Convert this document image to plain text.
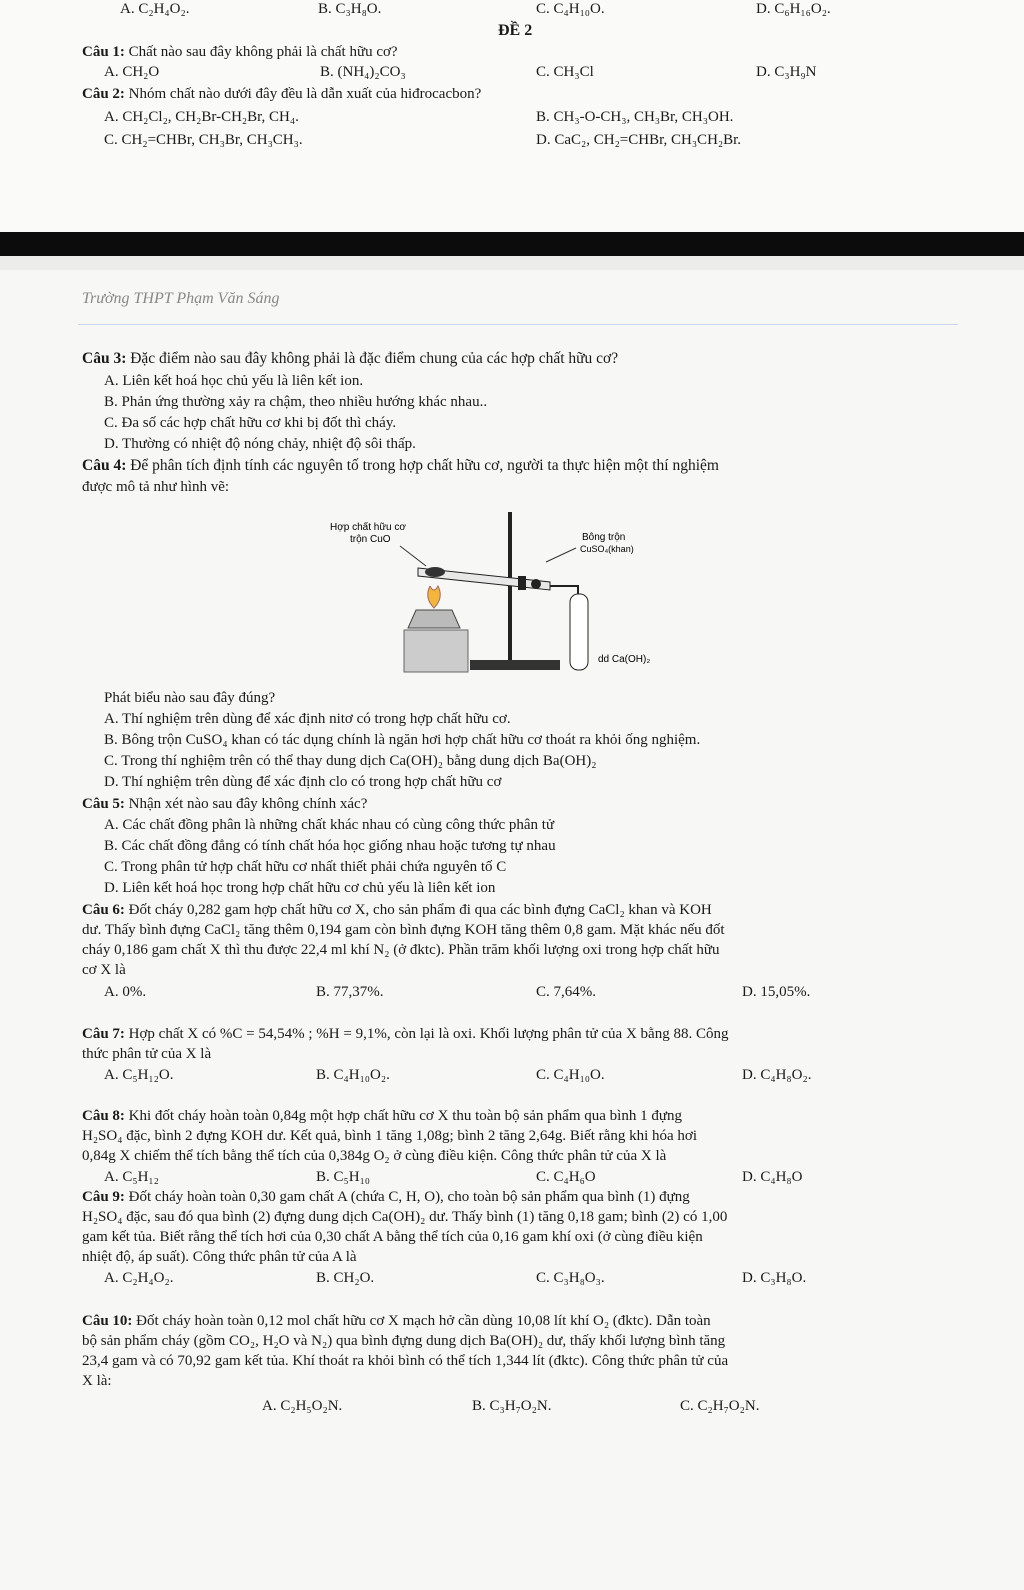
A. C₂H₄O₂.	B. C₃H₈O.	C. C₄H₁₀O.	D. C₆H₁₆O₂.
ĐỀ 2
Câu 1: Chất nào sau đây không phải là chất hữu cơ?
A. CH₂O	B. (NH₄)₂CO₃	C. CH₃Cl	D. C₃H₉N
Câu 2: Nhóm chất nào dưới đây đều là dẫn xuất của hiđrocacbon?
A. CH₂Cl₂, CH₂Br-CH₂Br, CH₄.	B. CH₃-O-CH₃, CH₃Br, CH₃OH.
C. CH₂=CHBr, CH₃Br, CH₃CH₃.	D. CaC₂, CH₂=CHBr, CH₃CH₂Br.
Trường THPT Phạm Văn Sáng
Câu 3: Đặc điểm nào sau đây không phải là đặc điểm chung của các hợp chất hữu cơ?
A. Liên kết hoá học chủ yếu là liên kết ion.
B. Phản ứng thường xảy ra chậm, theo nhiều hướng khác nhau..
C. Đa số các hợp chất hữu cơ khi bị đốt thì cháy.
D. Thường có nhiệt độ nóng chảy, nhiệt độ sôi thấp.
Câu 4: Để phân tích định tính các nguyên tố trong hợp chất hữu cơ, người ta thực hiện một thí nghiệm
được mô tả như hình vẽ:
Hợp chất hữu cơ
trộn CuO	Bông trộn
CuSO₄(khan)
dd Ca(OH)₂
Phát biểu nào sau đây đúng?
A. Thí nghiệm trên dùng để xác định nitơ có trong hợp chất hữu cơ.
B. Bông trộn CuSO₄ khan có tác dụng chính là ngăn hơi hợp chất hữu cơ thoát ra khỏi ống nghiệm.
C. Trong thí nghiệm trên có thể thay dung dịch Ca(OH)₂ bằng dung dịch Ba(OH)₂
D. Thí nghiệm trên dùng để xác định clo có trong hợp chất hữu cơ
Câu 5: Nhận xét nào sau đây không chính xác?
A. Các chất đồng phân là những chất khác nhau có cùng công thức phân tử
B. Các chất đồng đẳng có tính chất hóa học giống nhau hoặc tương tự nhau
C. Trong phân tử hợp chất hữu cơ nhất thiết phải chứa nguyên tố C
D. Liên kết hoá học trong hợp chất hữu cơ chủ yếu là liên kết ion
Câu 6: Đốt cháy 0,282 gam hợp chất hữu cơ X, cho sản phẩm đi qua các bình đựng CaCl₂ khan và KOH
dư. Thấy bình đựng CaCl₂ tăng thêm 0,194 gam còn bình đựng KOH tăng thêm 0,8 gam. Mặt khác nếu đốt
cháy 0,186 gam chất X thì thu được 22,4 ml khí N₂ (ở đktc). Phần trăm khối lượng oxi trong hợp chất hữu
cơ X là
A. 0%.	B. 77,37%.	C. 7,64%.	D. 15,05%.
Câu 7: Hợp chất X có %C = 54,54% ; %H = 9,1%, còn lại là oxi. Khối lượng phân tử của X bằng 88. Công
thức phân tử của X là
A. C₅H₁₂O.	B. C₄H₁₀O₂.	C. C₄H₁₀O.	D. C₄H₈O₂.
Câu 8: Khi đốt cháy hoàn toàn 0,84g một hợp chất hữu cơ X thu toàn bộ sản phẩm qua bình 1 đựng
H₂SO₄ đặc, bình 2 đựng KOH dư. Kết quả, bình 1 tăng 1,08g; bình 2 tăng 2,64g. Biết rằng khi hóa hơi
0,84g X chiếm thể tích bằng thể tích của 0,384g O₂ ở cùng điều kiện. Công thức phân tử của X là
A. C₅H₁₂	B. C₅H₁₀	C. C₄H₆O	D. C₄H₈O
Câu 9: Đốt cháy hoàn toàn 0,30 gam chất A (chứa C, H, O), cho toàn bộ sản phẩm qua bình (1) đựng
H₂SO₄ đặc, sau đó qua bình (2) đựng dung dịch Ca(OH)₂ dư. Thấy bình (1) tăng 0,18 gam; bình (2) có 1,00
gam kết tủa. Biết rằng thể tích hơi của 0,30 chất A bằng thể tích của 0,16 gam khí oxi (ở cùng điều kiện
nhiệt độ, áp suất). Công thức phân tử của A là
A. C₂H₄O₂.	B. CH₂O.	C. C₃H₈O₃.	D. C₃H₈O.
Câu 10: Đốt cháy hoàn toàn 0,12 mol chất hữu cơ X mạch hở cần dùng 10,08 lít khí O₂ (đktc). Dẫn toàn
bộ sản phẩm cháy (gồm CO₂, H₂O và N₂) qua bình đựng dung dịch Ba(OH)₂ dư, thấy khối lượng bình tăng
23,4 gam và có 70,92 gam kết tủa. Khí thoát ra khỏi bình có thể tích 1,344 lít (đktc). Công thức phân tử của
X là:
A. C₂H₅O₂N.	B. C₃H₇O₂N.	C. C₂H₇O₂N.
